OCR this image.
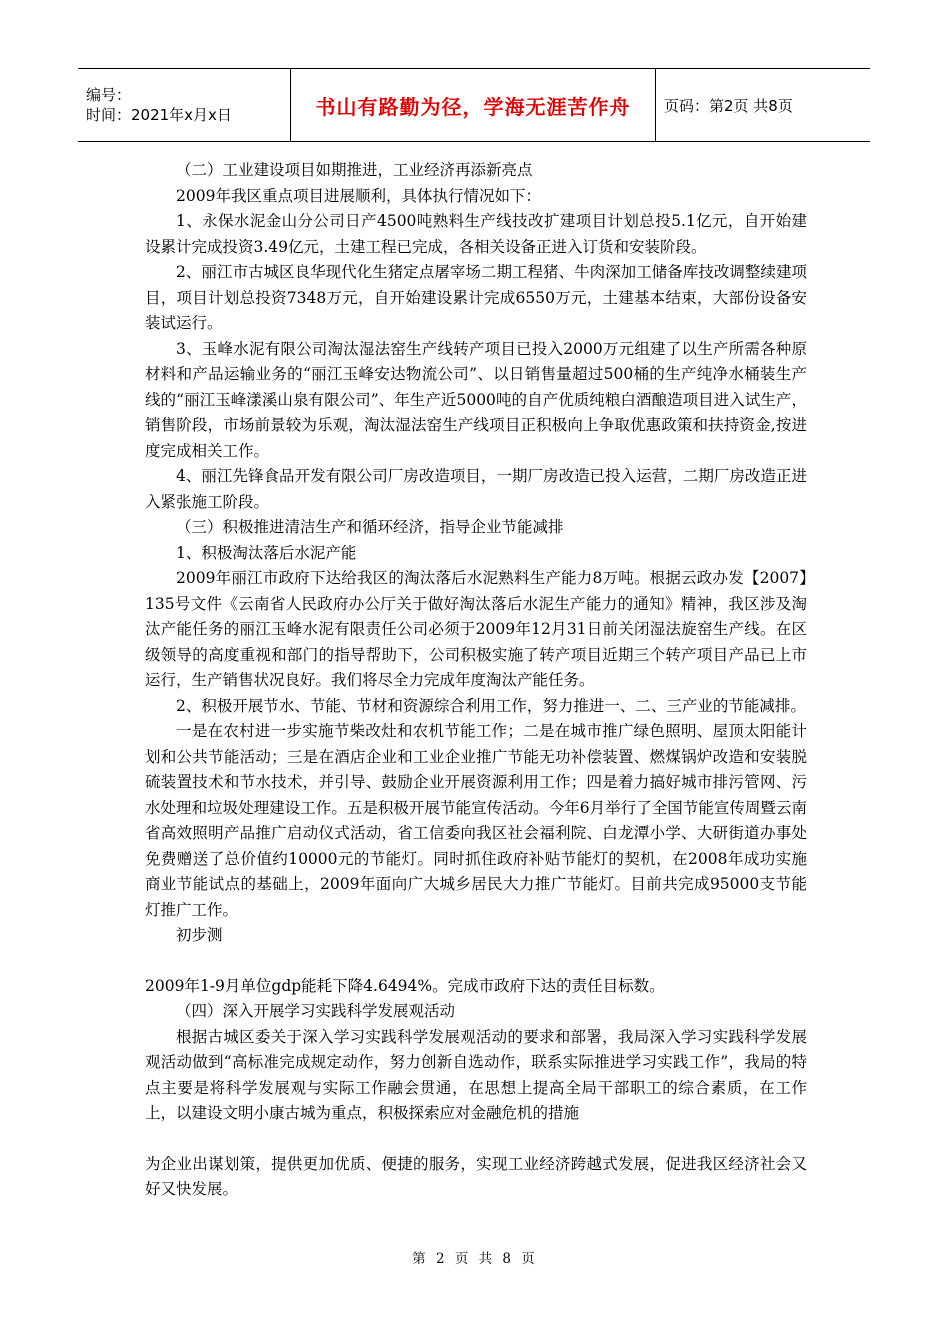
编号：
时间：2021年x月x日	书山有路勤为径，学海无涯苦作舟 页码：第2页 共8页

（二）工业建设项目如期推进，工业经济再添新亮点

2009年我区重点项目进展顺利，具体执行情况如下：

1、永保水泥金山分公司日产4500吨熟料生产线技改扩建项目计划总投5.1亿元，自开始建设累计完成投资3.49亿元，土建工程已完成，各相关设备正进入订货和安装阶段。

2、丽江市古城区良华现代化生猪定点屠宰场二期工程猪、牛肉深加工储备库技改调整续建项目，项目计划总投资7348万元，自开始建设累计完成6550万元，土建基本结束，大部份设备安装试运行。

3、玉峰水泥有限公司淘汰湿法窑生产线转产项目已投入2000万元组建了以生产所需各种原材料和产品运输业务的“丽江玉峰安达物流公司”、以日销售量超过500桶的生产纯净水桶装生产线的“丽江玉峰漾溪山泉有限公司”、年生产近5000吨的自产优质纯粮白酒酿造项目进入试生产，销售阶段，市场前景较为乐观，淘汰湿法窑生产线项目正积极向上争取优惠政策和扶持资金,按进度完成相关工作。

4、丽江先锋食品开发有限公司厂房改造项目，一期厂房改造已投入运营，二期厂房改造正进入紧张施工阶段。

（三）积极推进清洁生产和循环经济，指导企业节能减排

1、积极淘汰落后水泥产能

2009年丽江市政府下达给我区的淘汰落后水泥熟料生产能力8万吨。根据云政办发【2007】135号文件《云南省人民政府办公厅关于做好淘汰落后水泥生产能力的通知》精神，我区涉及淘汰产能任务的丽江玉峰水泥有限责任公司必须于2009年12月31日前关闭湿法旋窑生产线。在区级领导的高度重视和部门的指导帮助下，公司积极实施了转产项目近期三个转产项目产品已上市运行，生产销售状况良好。我们将尽全力完成年度淘汰产能任务。

2、积极开展节水、节能、节材和资源综合利用工作，努力推进一、二、三产业的节能减排。

一是在农村进一步实施节柴改灶和农机节能工作；二是在城市推广绿色照明、屋顶太阳能计划和公共节能活动；三是在酒店企业和工业企业推广节能无功补偿装置、燃煤锅炉改造和安装脱硫装置技术和节水技术，并引导、鼓励企业开展资源利用工作；四是着力搞好城市排污管网、污水处理和垃圾处理建设工作。五是积极开展节能宣传活动。今年6月举行了全国节能宣传周暨云南省高效照明产品推广启动仪式活动，省工信委向我区社会福利院、白龙潭小学、大研街道办事处免费赠送了总价值约10000元的节能灯。同时抓住政府补贴节能灯的契机，在2008年成功实施商业节能试点的基础上，2009年面向广大城乡居民大力推广节能灯。目前共完成95000支节能灯推广工作。

初步测

2009年1-9月单位gdp能耗下降4.6494%。完成市政府下达的责任目标数。

（四）深入开展学习实践科学发展观活动

根据古城区委关于深入学习实践科学发展观活动的要求和部署，我局深入学习实践科学发展观活动做到“高标准完成规定动作，努力创新自选动作，联系实际推进学习实践工作”，我局的特点主要是将科学发展观与实际工作融会贯通，在思想上提高全局干部职工的综合素质，在工作上，以建设文明小康古城为重点，积极探索应对金融危机的措施

为企业出谋划策，提供更加优质、便捷的服务，实现工业经济跨越式发展，促进我区经济社会又好又快发展。

第 2 页 共 8 页
